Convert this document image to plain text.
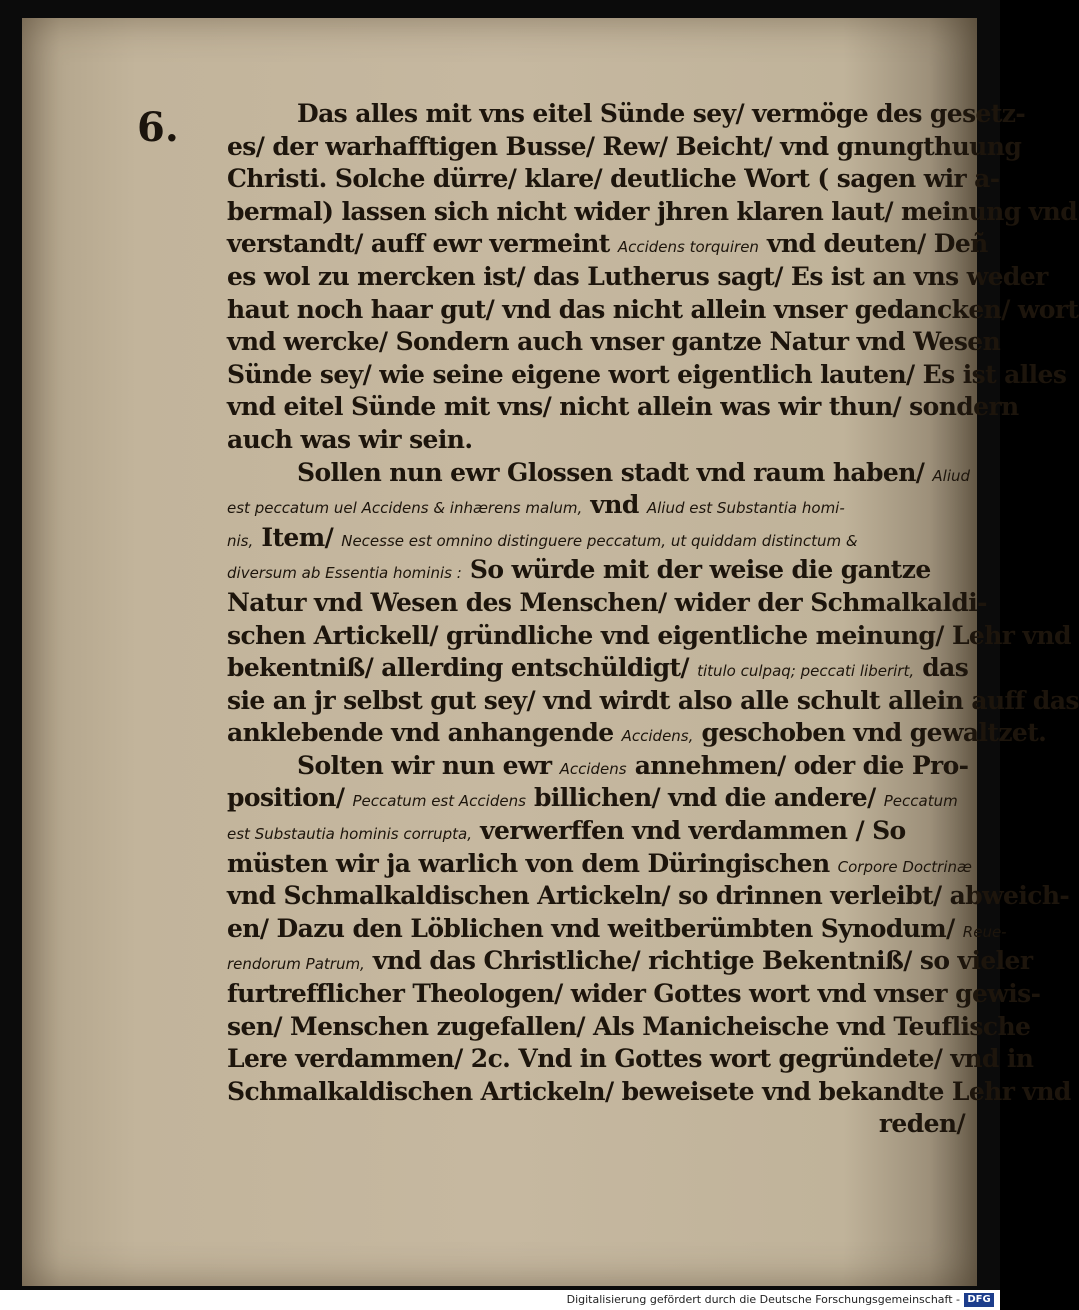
6.	Das alles mit vns eitel Sünde sey/ vermöge des gesetz-
es/ der warhafftigen Busse/ Rew/ Beicht/ vnd gnungthuung
Christi. Solche dürre/ klare/ deutliche Wort ( sagen wir a-
bermal) lassen sich nicht wider jhren klaren laut/ meinung vnd
verstandt/ auff ewr vermeint Accidens torquiren vnd deuten/ Deñ
es wol zu mercken ist/ das Lutherus sagt/ Es ist an vns weder
haut noch haar gut/ vnd das nicht allein vnser gedancken/ wort
vnd wercke/ Sondern auch vnser gantze Natur vnd Wesen
Sünde sey/ wie seine eigene wort eigentlich lauten/ Es ist alles
vnd eitel Sünde mit vns/ nicht allein was wir thun/ sondern
auch was wir sein.
Sollen nun ewr Glossen stadt vnd raum haben/ Aliud
est peccatum uel Accidens & inhærens malum, vnd Aliud est Substantia homi-
nis, Item/ Necesse est omnino distinguere peccatum, ut quiddam distinctum &
diversum ab Essentia hominis : So würde mit der weise die gantze
Natur vnd Wesen des Menschen/ wider der Schmalkaldi-
schen Artickell/ gründliche vnd eigentliche meinung/ Lehr vnd
bekentniß/ allerding entschüldigt/ titulo culpaq; peccati liberirt, das
sie an jr selbst gut sey/ vnd wirdt also alle schult allein auff das
anklebende vnd anhangende Accidens, geschoben vnd gewaltzet.
Solten wir nun ewr Accidens annehmen/ oder die Pro-
position/ Peccatum est Accidens billichen/ vnd die andere/ Peccatum
est Substautia hominis corrupta, verwerffen vnd verdammen / So
müsten wir ja warlich von dem Düringischen Corpore Doctrinæ
vnd Schmalkaldischen Artickeln/ so drinnen verleibt/ abweich-
en/ Dazu den Löblichen vnd weitberümbten Synodum/ Reue-
rendorum Patrum, vnd das Christliche/ richtige Bekentniß/ so vieler
furtrefflicher Theologen/ wider Gottes wort vnd vnser gewis-
sen/ Menschen zugefallen/ Als Manicheische vnd Teuflische
Lere verdammen/ 2c. Vnd in Gottes wort gegründete/ vnd in
Schmalkaldischen Artickeln/ beweisete vnd bekandte Lehr vnd
reden/
Digitalisierung gefördert durch die Deutsche Forschungsgemeinschaft - DFG
